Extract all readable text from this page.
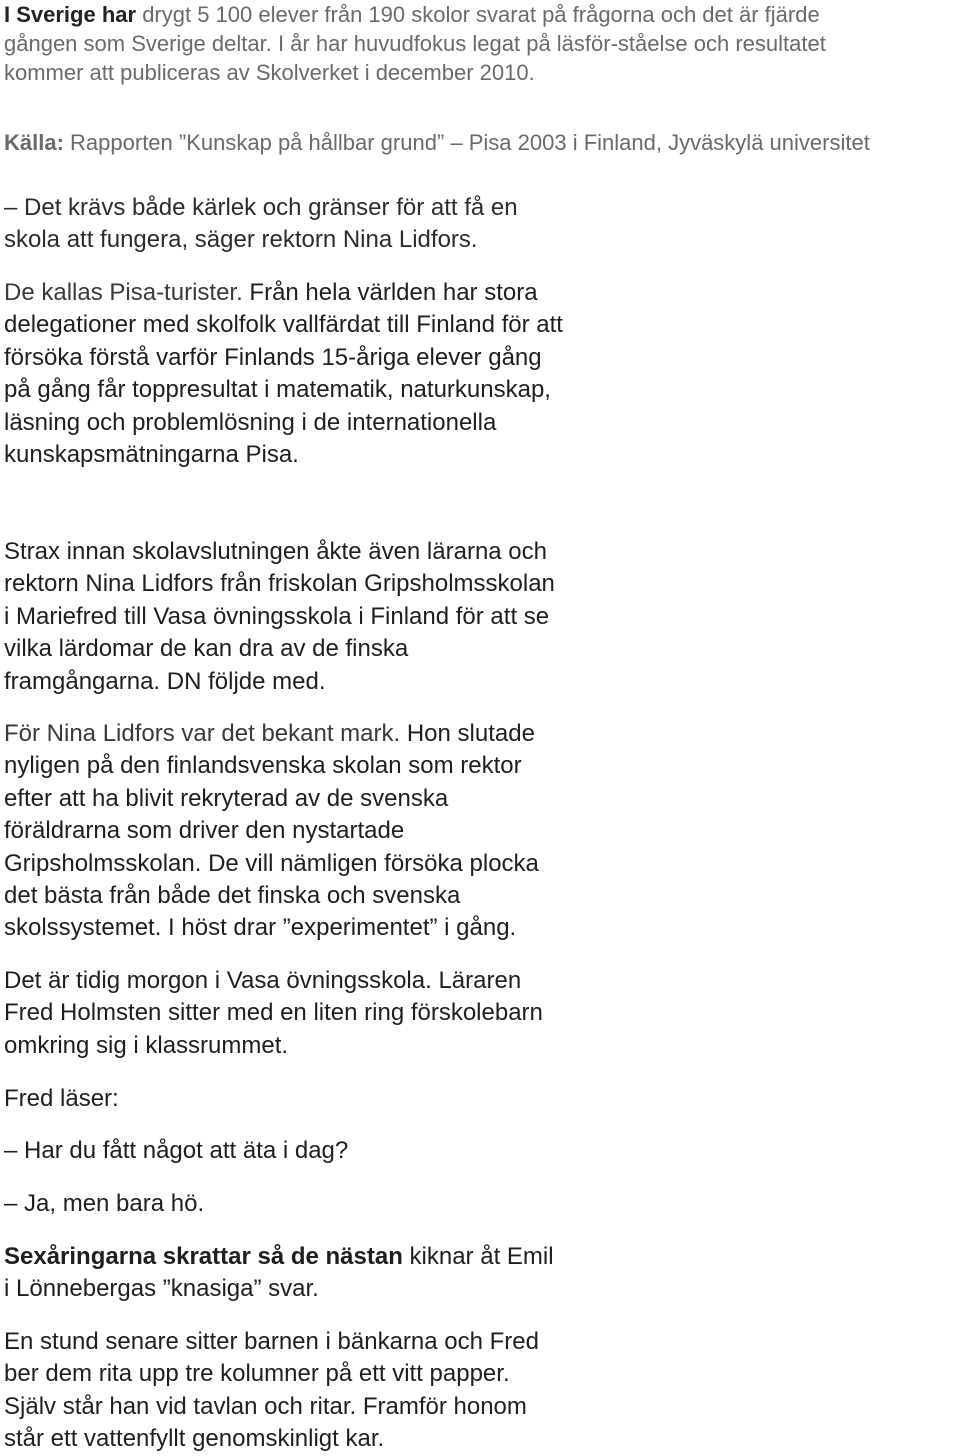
I Sverige har drygt 5 100 elever från 190 skolor svarat på frågorna och det är fjärde
gången som Sverige deltar. I år har huvudfokus legat på läsför-ståelse och resultatet
kommer att publiceras av Skolverket i december 2010.
Källa: Rapporten ”Kunskap på hållbar grund” – Pisa 2003 i Finland, Jyväskylä universitet
– Det krävs både kärlek och gränser för att få en
skola att fungera, säger rektorn Nina Lidfors.
De kallas Pisa-turister. Från hela världen har stora
delegationer med skolfolk vallfärdat till Finland för att
försöka förstå varför Finlands 15-åriga elever gång
på gång får toppresultat i matematik, naturkunskap,
läsning och problemlösning i de internationella
kunskapsmätningarna Pisa.
Strax innan skolavslutningen åkte även lärarna och
rektorn Nina Lidfors från friskolan Gripsholmsskolan
i Mariefred till Vasa övningsskola i Finland för att se
vilka lärdomar de kan dra av de finska
framgångarna. DN följde med.
För Nina Lidfors var det bekant mark. Hon slutade
nyligen på den finlandsvenska skolan som rektor
efter att ha blivit rekryterad av de svenska
föräldrarna som driver den nystartade
Gripsholmsskolan. De vill nämligen försöka plocka
det bästa från både det finska och svenska
skolssystemet. I höst drar ”experimentet” i gång.
Det är tidig morgon i Vasa övningsskola. Läraren
Fred Holmsten sitter med en liten ring förskolebarn
omkring sig i klassrummet.
Fred läser:
– Har du fått något att äta i dag?
– Ja, men bara hö.
Sexåringarna skrattar så de nästan kiknar åt Emil
i Lönnebergas ”knasiga” svar.
En stund senare sitter barnen i bänkarna och Fred
ber dem rita upp tre kolumner på ett vitt papper.
Själv står han vid tavlan och ritar. Framför honom
står ett vattenfyllt genomskinligt kar.
